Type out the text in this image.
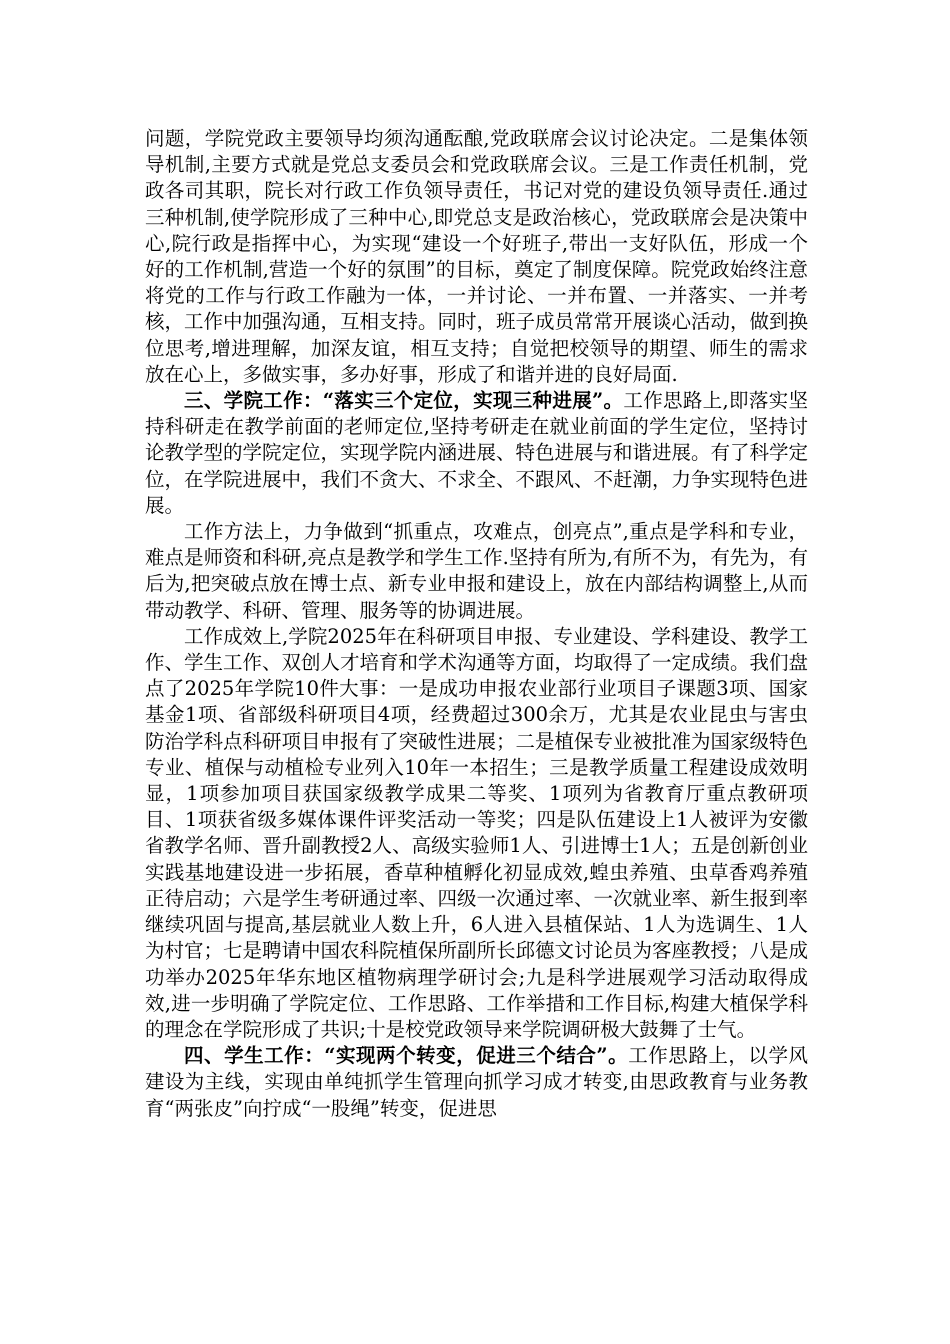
问题，学院党政主要领导均须沟通酝酿,党政联席会议讨论决定。二是集体领导机制,主要方式就是党总支委员会和党政联席会议。三是工作责任机制，党政各司其职，院长对行政工作负领导责任，书记对党的建设负领导责任.通过三种机制,使学院形成了三种中心,即党总支是政治核心，党政联席会是决策中心,院行政是指挥中心，为实现“建设一个好班子,带出一支好队伍，形成一个好的工作机制,营造一个好的氛围”的目标，奠定了制度保障。院党政始终注意将党的工作与行政工作融为一体，一并讨论、一并布置、一并落实、一并考核，工作中加强沟通，互相支持。同时，班子成员常常开展谈心活动，做到换位思考,增进理解，加深友谊，相互支持；自觉把校领导的期望、师生的需求放在心上，多做实事，多办好事，形成了和谐并进的良好局面.

三、学院工作：“落实三个定位，实现三种进展”。工作思路上,即落实坚持科研走在教学前面的老师定位,坚持考研走在就业前面的学生定位，坚持讨论教学型的学院定位，实现学院内涵进展、特色进展与和谐进展。有了科学定位，在学院进展中，我们不贪大、不求全、不跟风、不赶潮，力争实现特色进展。

工作方法上，力争做到“抓重点，攻难点，创亮点”,重点是学科和专业，难点是师资和科研,亮点是教学和学生工作.坚持有所为,有所不为，有先为，有后为,把突破点放在博士点、新专业申报和建设上，放在内部结构调整上,从而带动教学、科研、管理、服务等的协调进展。

工作成效上,学院2025年在科研项目申报、专业建设、学科建设、教学工作、学生工作、双创人才培育和学术沟通等方面，均取得了一定成绩。我们盘点了2025年学院10件大事：一是成功申报农业部行业项目子课题3项、国家基金1项、省部级科研项目4项，经费超过300余万，尤其是农业昆虫与害虫防治学科点科研项目申报有了突破性进展；二是植保专业被批准为国家级特色专业、植保与动植检专业列入10年一本招生；三是教学质量工程建设成效明显，1项参加项目获国家级教学成果二等奖、1项列为省教育厅重点教研项目、1项获省级多媒体课件评奖活动一等奖；四是队伍建设上1人被评为安徽省教学名师、晋升副教授2人、高级实验师1人、引进博士1人；五是创新创业实践基地建设进一步拓展，香草种植孵化初显成效,蝗虫养殖、虫草香鸡养殖正待启动；六是学生考研通过率、四级一次通过率、一次就业率、新生报到率继续巩固与提高,基层就业人数上升，6人进入县植保站、1人为选调生、1人为村官；七是聘请中国农科院植保所副所长邱德文讨论员为客座教授；八是成功举办2025年华东地区植物病理学研讨会;九是科学进展观学习活动取得成效,进一步明确了学院定位、工作思路、工作举措和工作目标,构建大植保学科的理念在学院形成了共识;十是校党政领导来学院调研极大鼓舞了士气。

四、学生工作：“实现两个转变，促进三个结合”。工作思路上，以学风建设为主线，实现由单纯抓学生管理向抓学习成才转变,由思政教育与业务教育“两张皮”向拧成“一股绳”转变，促进思
